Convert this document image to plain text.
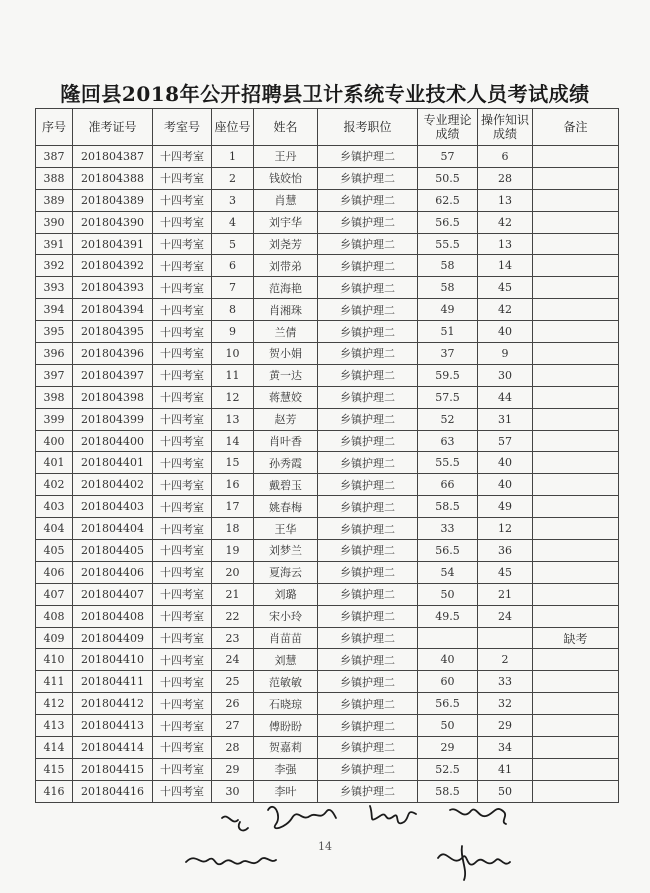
隆回县2018年公开招聘县卫计系统专业技术人员考试成绩
序号	准考证号	考室号	座位号	姓名	报考职位	专业理论成绩	操作知识成绩	备注
387	201804387	十四考室	1	王丹	乡镇护理二	57	6	
388	201804388	十四考室	2	钱姣怡	乡镇护理二	50.5	28	
389	201804389	十四考室	3	肖慧	乡镇护理二	62.5	13	
390	201804390	十四考室	4	刘宇华	乡镇护理二	56.5	42	
391	201804391	十四考室	5	刘尧芳	乡镇护理二	55.5	13	
392	201804392	十四考室	6	刘带弟	乡镇护理二	58	14	
393	201804393	十四考室	7	范海艳	乡镇护理二	58	45	
394	201804394	十四考室	8	肖湘珠	乡镇护理二	49	42	
395	201804395	十四考室	9	兰倩	乡镇护理二	51	40	
396	201804396	十四考室	10	贺小娟	乡镇护理二	37	9	
397	201804397	十四考室	11	黄一达	乡镇护理二	59.5	30	
398	201804398	十四考室	12	蒋慧姣	乡镇护理二	57.5	44	
399	201804399	十四考室	13	赵芳	乡镇护理二	52	31	
400	201804400	十四考室	14	肖叶香	乡镇护理二	63	57	
401	201804401	十四考室	15	孙秀霞	乡镇护理二	55.5	40	
402	201804402	十四考室	16	戴碧玉	乡镇护理二	66	40	
403	201804403	十四考室	17	姚春梅	乡镇护理二	58.5	49	
404	201804404	十四考室	18	王华	乡镇护理二	33	12	
405	201804405	十四考室	19	刘梦兰	乡镇护理二	56.5	36	
406	201804406	十四考室	20	夏海云	乡镇护理二	54	45	
407	201804407	十四考室	21	刘璐	乡镇护理二	50	21	
408	201804408	十四考室	22	宋小玲	乡镇护理二	49.5	24	
409	201804409	十四考室	23	肖苗苗	乡镇护理二			缺考
410	201804410	十四考室	24	刘慧	乡镇护理二	40	2	
411	201804411	十四考室	25	范敏敏	乡镇护理二	60	33	
412	201804412	十四考室	26	石晓琼	乡镇护理二	56.5	32	
413	201804413	十四考室	27	傅盼盼	乡镇护理二	50	29	
414	201804414	十四考室	28	贺嘉莉	乡镇护理二	29	34	
415	201804415	十四考室	29	李强	乡镇护理二	52.5	41	
416	201804416	十四考室	30	李叶	乡镇护理二	58.5	50	
14
